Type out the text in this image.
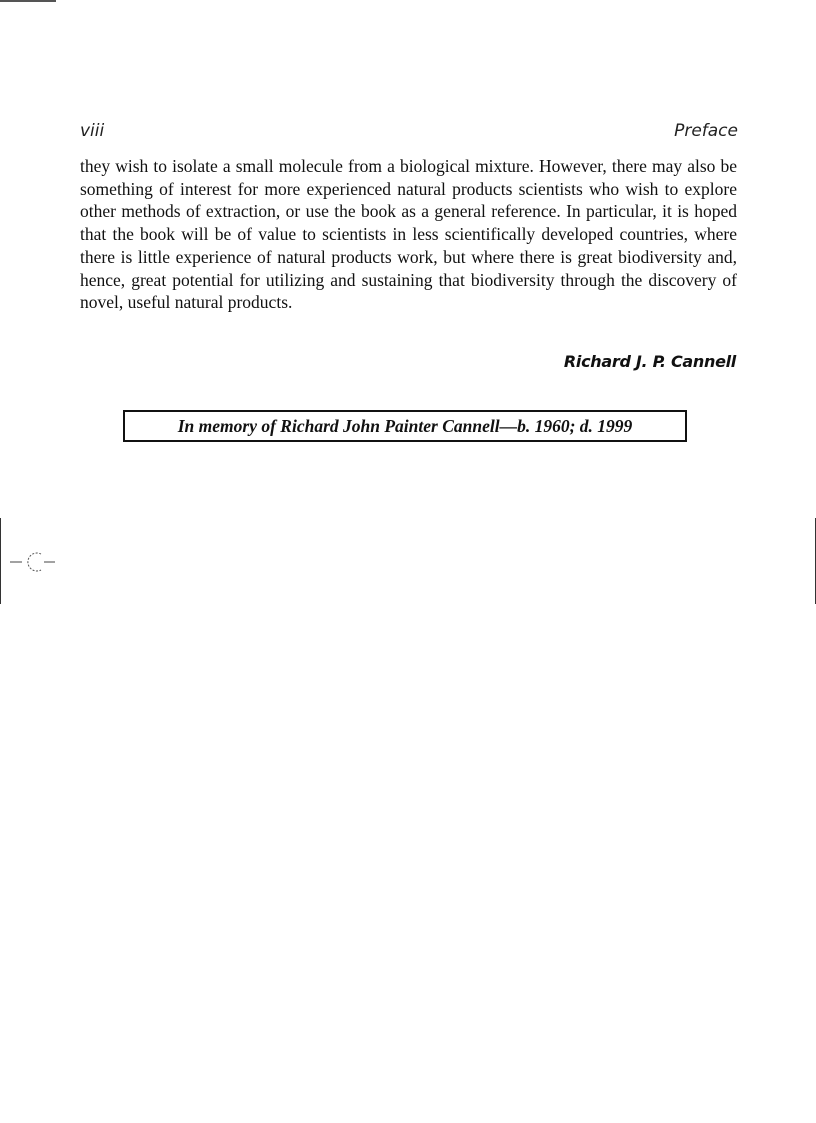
viii	Preface

they wish to isolate a small molecule from a biological mixture. However, there may also be something of interest for more experienced natural products scientists who wish to explore other methods of extraction, or use the book as a general reference. In particular, it is hoped that the book will be of value to scientists in less scientifically developed countries, where there is little experience of natural products work, but where there is great biodiversity and, hence, great potential for utilizing and sustaining that biodiversity through the discovery of novel, useful natural products.

Richard J. P. Cannell
In memory of Richard John Painter Cannell—b. 1960; d. 1999
